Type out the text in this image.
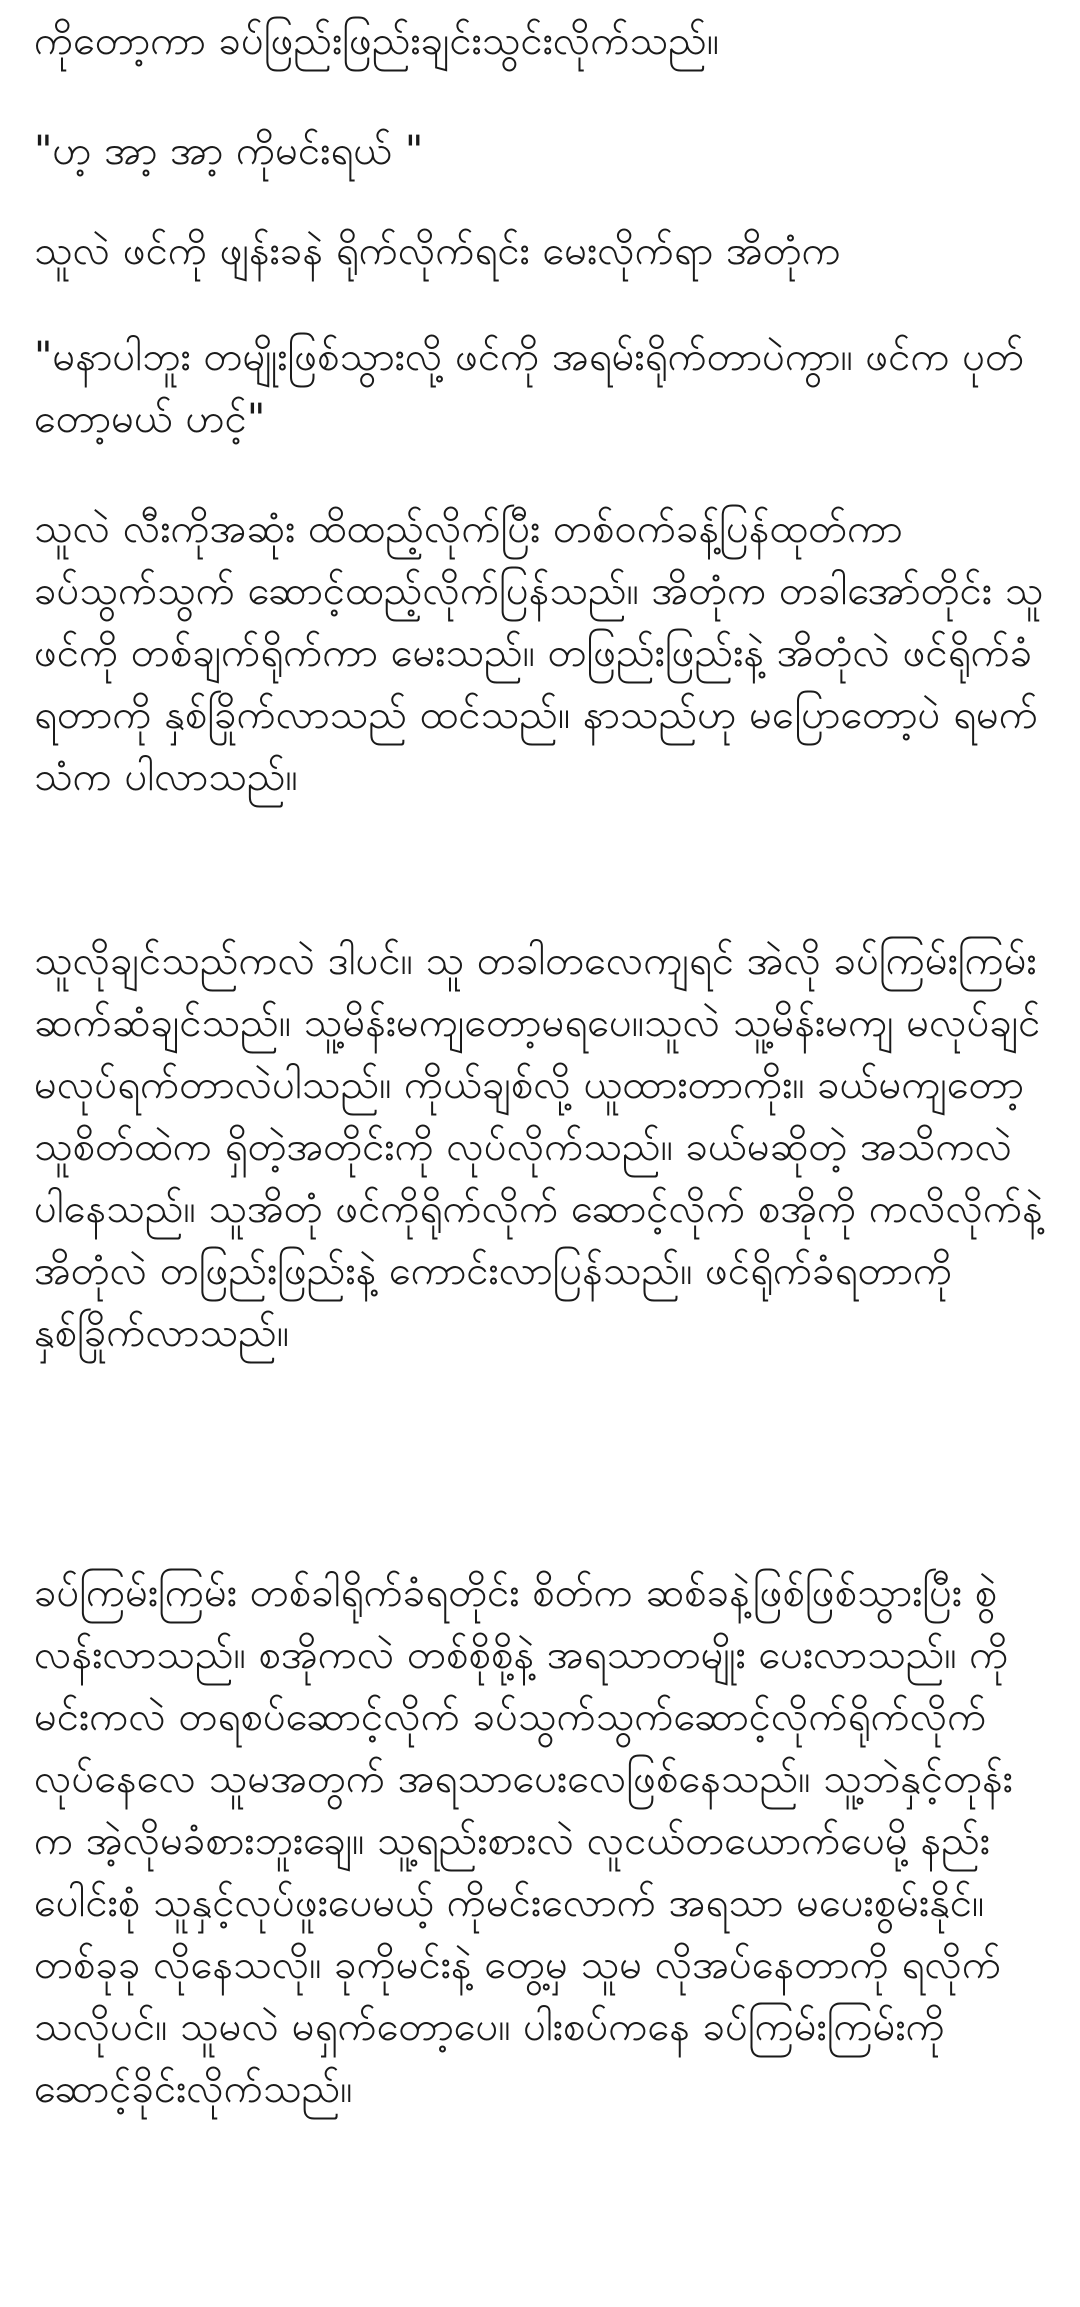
ကိုတော့ကာ ခပ်ဖြည်းဖြည်းချင်းသွင်းလိုက်သည်။

"ဟ့ အာ့ အာ့ ကိုမင်းရယ် "

သူလဲ ဖင်ကို ဖျန်းခနဲ ရိုက်လိုက်ရင်း မေးလိုက်ရာ အိတုံက

"မနာပါဘူး တမျိုးဖြစ်သွားလို့ ဖင်ကို အရမ်းရိုက်တာပဲကွာ။ ဖင်က ပုတ်တော့မယ် ဟင့်"

သူလဲ လီးကိုအဆုံး ထိထည့်လိုက်ပြီး တစ်ဝက်ခန့်ပြန်ထုတ်ကာ ခပ်သွက်သွက် ဆောင့်ထည့်လိုက်ပြန်သည်။ အိတုံက တခါအော်တိုင်း သူဖင်ကို တစ်ချက်ရိုက်ကာ မေးသည်။ တဖြည်းဖြည်းနဲ့ အိတုံလဲ ဖင်ရိုက်ခံရတာကို နှစ်ခြိုက်လာသည် ထင်သည်။ နာသည်ဟု မပြောတော့ပဲ ရမက်သံက ပါလာသည်။

သူလိုချင်သည်ကလဲ ဒါပင်။ သူ တခါတလေကျရင် အဲလို ခပ်ကြမ်းကြမ်း ဆက်ဆံချင်သည်။ သူ့မိန်းမကျတော့မရပေ။သူလဲ သူ့မိန်းမကျ မလုပ်ချင် မလုပ်ရက်တာလဲပါသည်။ ကိုယ်ချစ်လို့ ယူထားတာကိုး။ ခယ်မကျတော့ သူစိတ်ထဲက ရှိတဲ့အတိုင်းကို လုပ်လိုက်သည်။ ခယ်မဆိုတဲ့ အသိကလဲ ပါနေသည်။ သူအိတုံ ဖင်ကိုရိုက်လိုက် ဆောင့်လိုက် စအိုကို ကလိလိုက်နဲ့ အိတုံလဲ တဖြည်းဖြည်းနဲ့ ကောင်းလာပြန်သည်။ ဖင်ရိုက်ခံရတာကို နှစ်ခြိုက်လာသည်။

ခပ်ကြမ်းကြမ်း တစ်ခါရိုက်ခံရတိုင်း စိတ်က ဆစ်ခနဲ့ဖြစ်ဖြစ်သွားပြီး စွဲလန်းလာသည်။ စအိုကလဲ တစ်စိုစို့နဲ့ အရသာတမျိုး ပေးလာသည်။ ကိုမင်းကလဲ တရစပ်ဆောင့်လိုက် ခပ်သွက်သွက်ဆောင့်လိုက်ရိုက်လိုက် လုပ်နေလေ သူမအတွက် အရသာပေးလေဖြစ်နေသည်။ သူ့ဘဲနှင့်တုန်းက အဲ့လိုမခံစားဘူးချေ။ သူ့ရည်းစားလဲ လူငယ်တယောက်ပေမို့ နည်းပေါင်းစုံ သူနှင့်လုပ်ဖူးပေမယ့် ကိုမင်းလောက် အရသာ မပေးစွမ်းနိုင်။ တစ်ခုခု လိုနေသလို။ ခုကိုမင်းနဲ့ တွေ့မှ သူမ လိုအပ်နေတာကို ရလိုက်သလိုပင်။ သူမလဲ မရှက်တော့ပေ။ ပါးစပ်ကနေ ခပ်ကြမ်းကြမ်းကို ဆောင့်ခိုင်းလိုက်သည်။
